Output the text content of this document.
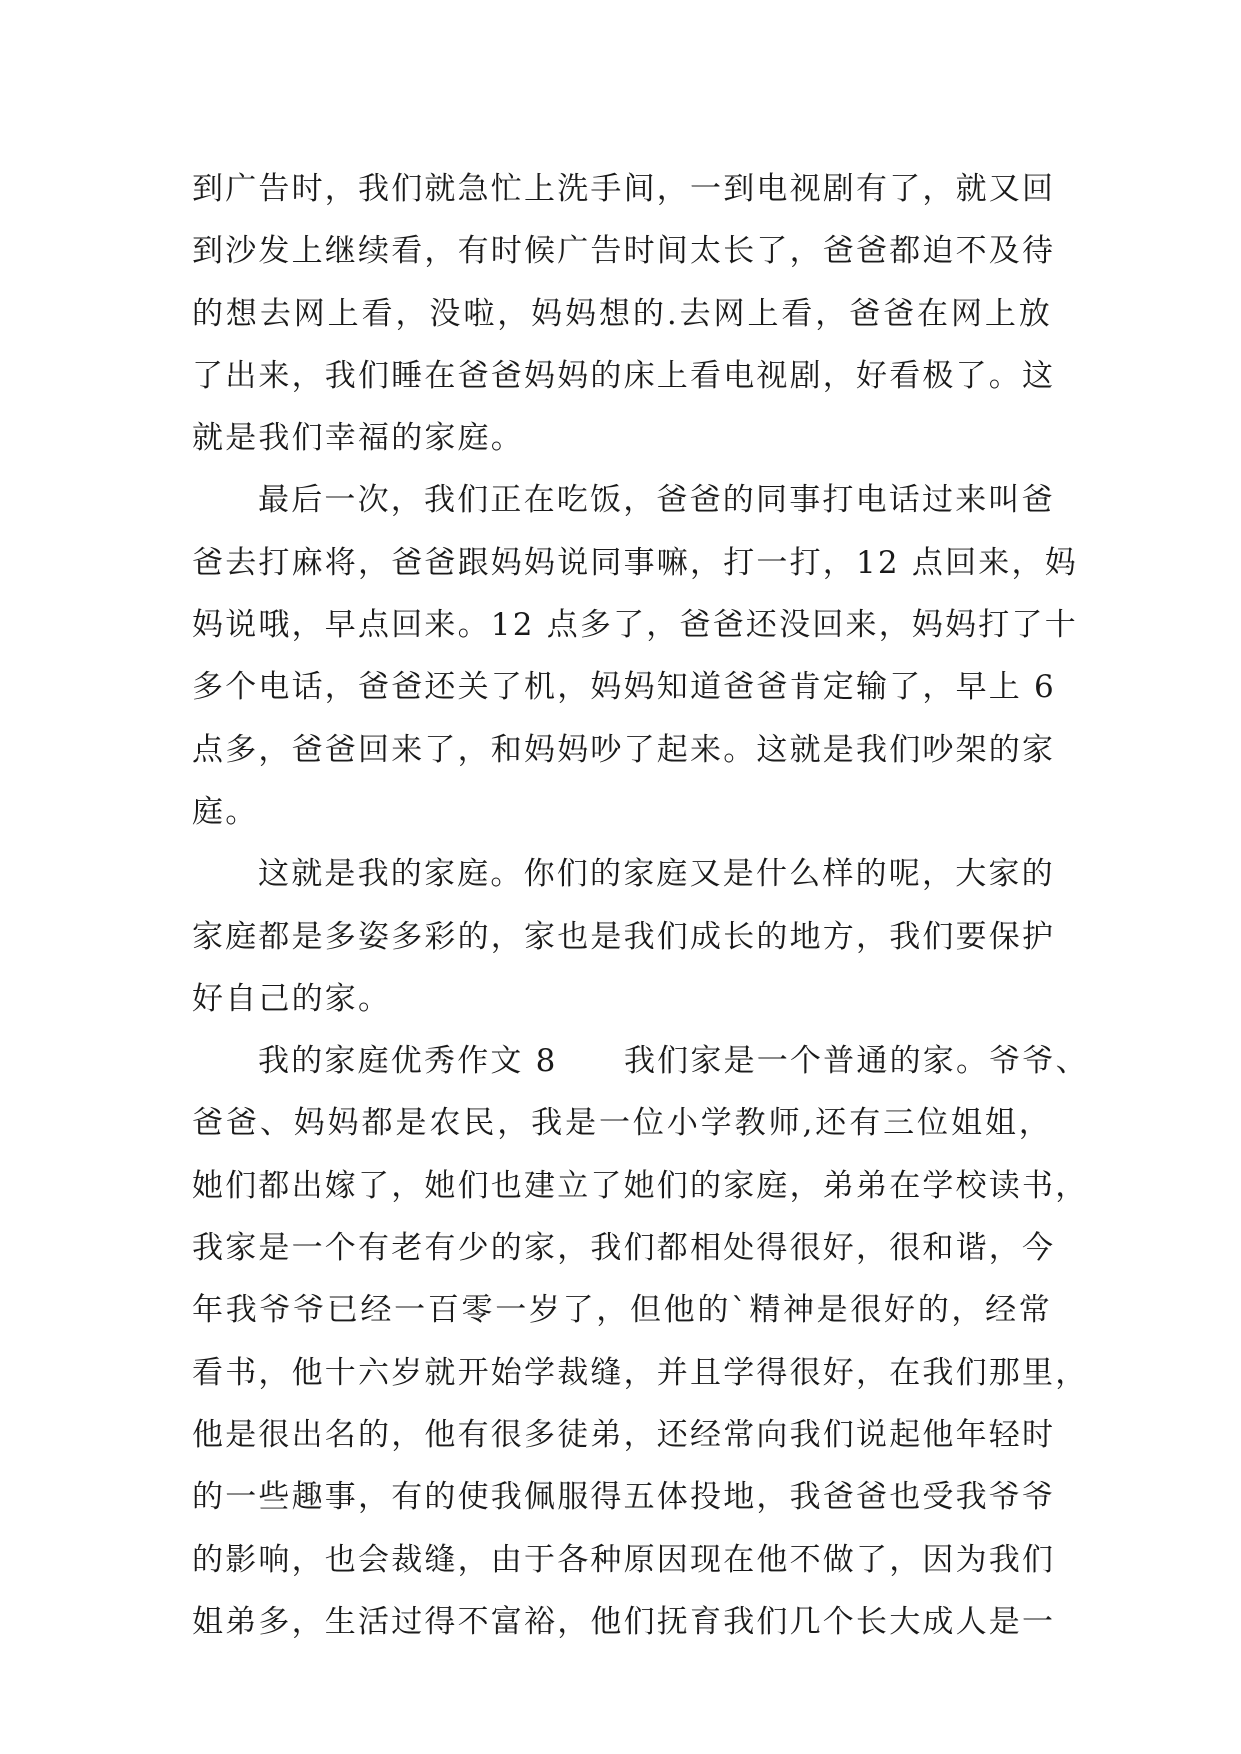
到广告时，我们就急忙上洗手间，一到电视剧有了，就又回
到沙发上继续看，有时候广告时间太长了，爸爸都迫不及待
的想去网上看，没啦，妈妈想的.去网上看，爸爸在网上放
了出来，我们睡在爸爸妈妈的床上看电视剧，好看极了。这
就是我们幸福的家庭。
最后一次，我们正在吃饭，爸爸的同事打电话过来叫爸
爸去打麻将，爸爸跟妈妈说同事嘛，打一打，12 点回来，妈
妈说哦，早点回来。12 点多了，爸爸还没回来，妈妈打了十
多个电话，爸爸还关了机，妈妈知道爸爸肯定输了，早上 6
点多，爸爸回来了，和妈妈吵了起来。这就是我们吵架的家
庭。
这就是我的家庭。你们的家庭又是什么样的呢，大家的
家庭都是多姿多彩的，家也是我们成长的地方，我们要保护
好自己的家。
我的家庭优秀作文 8　　我们家是一个普通的家。爷爷、
爸爸、妈妈都是农民，我是一位小学教师,还有三位姐姐，
她们都出嫁了，她们也建立了她们的家庭，弟弟在学校读书，
我家是一个有老有少的家，我们都相处得很好，很和谐，今
年我爷爷已经一百零一岁了，但他的`精神是很好的，经常
看书，他十六岁就开始学裁缝，并且学得很好，在我们那里，
他是很出名的，他有很多徒弟，还经常向我们说起他年轻时
的一些趣事，有的使我佩服得五体投地，我爸爸也受我爷爷
的影响，也会裁缝，由于各种原因现在他不做了，因为我们
姐弟多，生活过得不富裕，他们抚育我们几个长大成人是一
